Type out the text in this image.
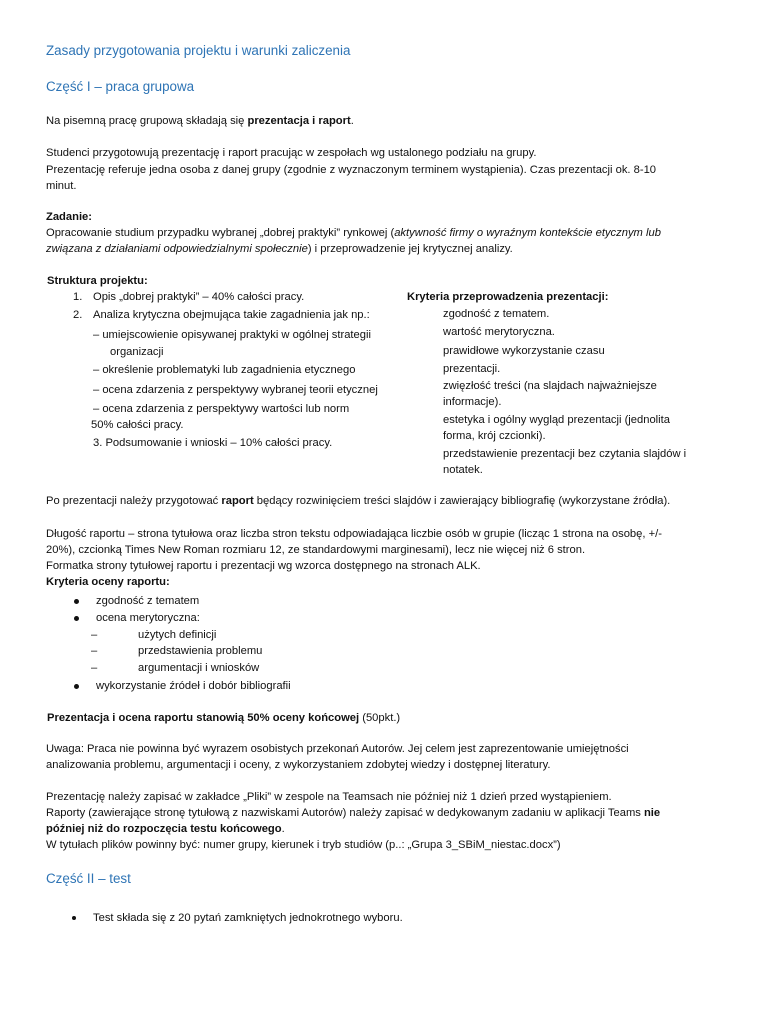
Zasady przygotowania projektu i warunki zaliczenia
Część I – praca grupowa
Na pisemną pracę grupową składają się prezentacja i raport.
Studenci przygotowują prezentację i raport pracując w zespołach wg ustalonego podziału na grupy.
Prezentację referuje jedna osoba z danej grupy (zgodnie z wyznaczonym terminem wystąpienia). Czas prezentacji ok. 8-10
minut.
Zadanie:
Opracowanie studium przypadku wybranej „dobrej praktyki” rynkowej (aktywność firmy o wyraźnym kontekście etycznym lub
związana z działaniami odpowiedzialnymi społecznie) i przeprowadzenie jej krytycznej analizy.
Struktura projektu:
1. Opis „dobrej praktyki” – 40% całości pracy.
2. Analiza krytyczna obejmująca takie zagadnienia jak np.:
– umiejscowienie opisywanej praktyki w ogólnej strategii
organizacji
– określenie problematyki lub zagadnienia etycznego
– ocena zdarzenia z perspektywy wybranej teorii etycznej
– ocena zdarzenia z perspektywy wartości lub norm
50% całości pracy.
3. Podsumowanie i wnioski – 10% całości pracy.
Kryteria przeprowadzenia prezentacji:
zgodność z tematem.
wartość merytoryczna.
prawidłowe wykorzystanie czasu
prezentacji.
zwięzłość treści (na slajdach najważniejsze
informacje).
estetyka i ogólny wygląd prezentacji (jednolita
forma, krój czcionki).
przedstawienie prezentacji bez czytania slajdów i
notatek.
Po prezentacji należy przygotować raport będący rozwinięciem treści slajdów i zawierający bibliografię (wykorzystane źródła).
Długość raportu – strona tytułowa oraz liczba stron tekstu odpowiadająca liczbie osób w grupie (licząc 1 strona na osobę, +/-
20%), czcionką Times New Roman rozmiaru 12, ze standardowymi marginesami), lecz nie więcej niż 6 stron.
Formatka strony tytułowej raportu i prezentacji wg wzorca dostępnego na stronach ALK.
Kryteria oceny raportu:
zgodność z tematem
ocena merytoryczna:
–	użytych definicji
–	przedstawienia problemu
–	argumentacji i wniosków
wykorzystanie źródeł i dobór bibliografii
Prezentacja i ocena raportu stanowią 50% oceny końcowej (50pkt.)
Uwaga: Praca nie powinna być wyrazem osobistych przekonań Autorów. Jej celem jest zaprezentowanie umiejętności
analizowania problemu, argumentacji i oceny, z wykorzystaniem zdobytej wiedzy i dostępnej literatury.
Prezentację należy zapisać w zakładce „Pliki” w zespole na Teamsach nie później niż 1 dzień przed wystąpieniem.
Raporty (zawierające stronę tytułową z nazwiskami Autorów) należy zapisać w dedykowanym zadaniu w aplikacji Teams nie
później niż do rozpoczęcia testu końcowego.
W tytułach plików powinny być: numer grupy, kierunek i tryb studiów (p..: „Grupa 3_SBiM_niestac.docx”)
Część II – test
Test składa się z 20 pytań zamkniętych jednokrotnego wyboru.
